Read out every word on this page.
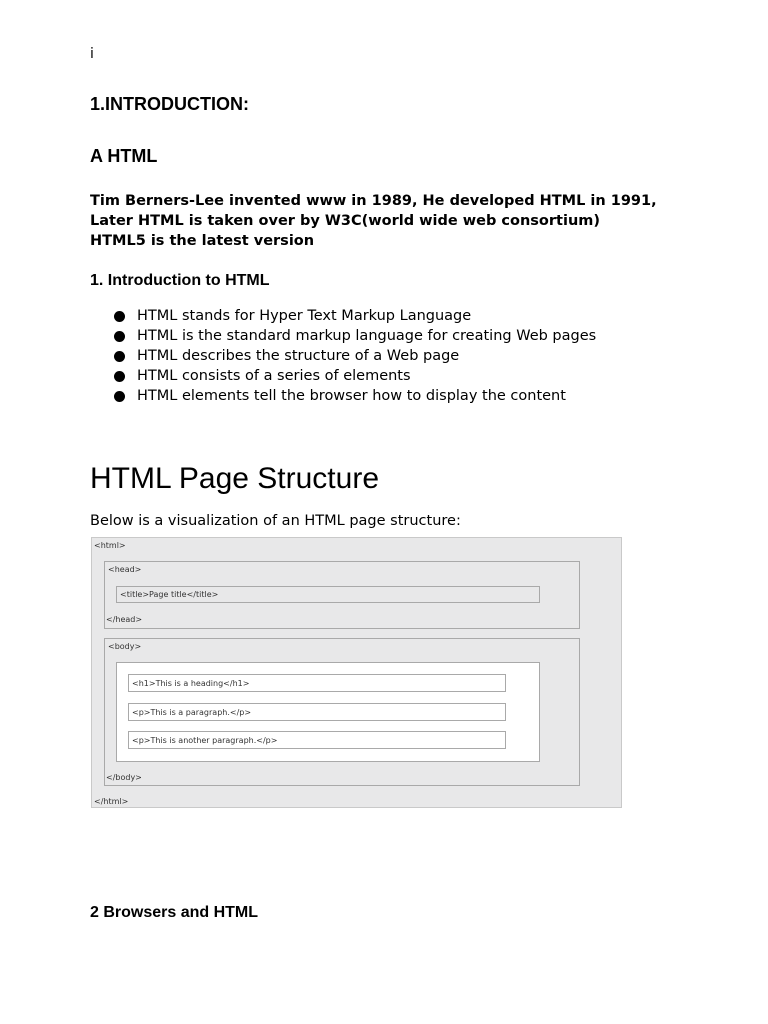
i
1.INTRODUCTION:
A HTML
Tim Berners-Lee invented www in 1989, He developed HTML in 1991,
Later HTML is taken over by W3C(world wide web consortium)
HTML5 is the latest version
1. Introduction to HTML
HTML stands for Hyper Text Markup Language
HTML is the standard markup language for creating Web pages
HTML describes the structure of a Web page
HTML consists of a series of elements
HTML elements tell the browser how to display the content
HTML Page Structure
Below is a visualization of an HTML page structure:
<html>
<head>
<title>Page title</title>
</head>
<body>
<h1>This is a heading</h1>
<p>This is a paragraph.</p>
<p>This is another paragraph.</p>
</body>
</html>
2 Browsers and HTML
